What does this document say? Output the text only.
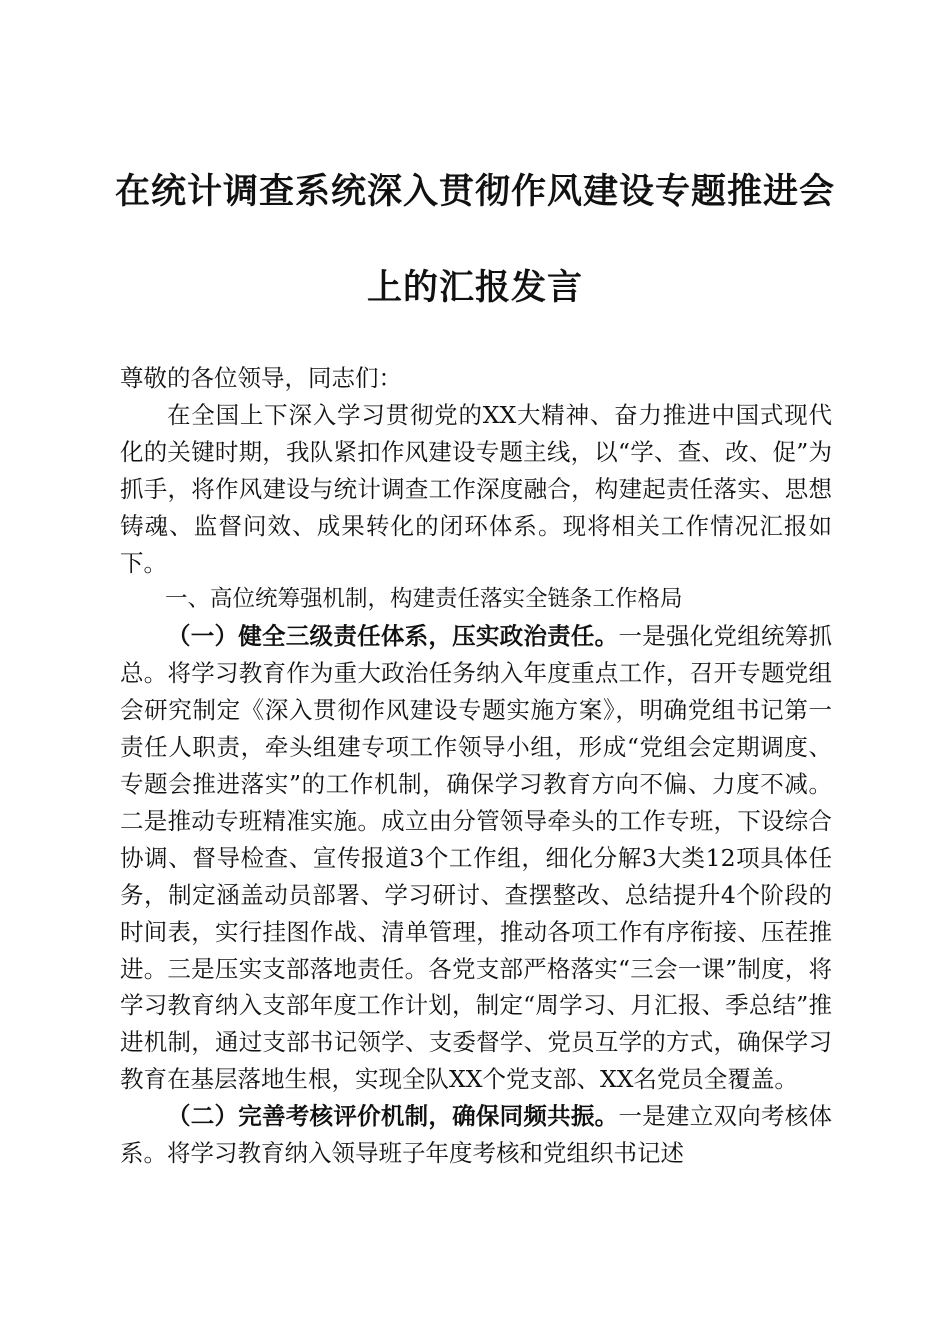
在统计调查系统深入贯彻作风建设专题推进会
上的汇报发言

尊敬的各位领导，同志们：

在全国上下深入学习贯彻党的XX大精神、奋力推进中国式现代化的关键时期，我队紧扣作风建设专题主线，以“学、查、改、促”为抓手，将作风建设与统计调查工作深度融合，构建起责任落实、思想铸魂、监督问效、成果转化的闭环体系。现将相关工作情况汇报如下。

一、高位统筹强机制，构建责任落实全链条工作格局

（一）健全三级责任体系，压实政治责任。一是强化党组统筹抓总。将学习教育作为重大政治任务纳入年度重点工作，召开专题党组会研究制定《深入贯彻作风建设专题实施方案》，明确党组书记第一责任人职责，牵头组建专项工作领导小组，形成“党组会定期调度、专题会推进落实”的工作机制，确保学习教育方向不偏、力度不减。二是推动专班精准实施。成立由分管领导牵头的工作专班，下设综合协调、督导检查、宣传报道3个工作组，细化分解3大类12项具体任务，制定涵盖动员部署、学习研讨、查摆整改、总结提升4个阶段的时间表，实行挂图作战、清单管理，推动各项工作有序衔接、压茬推进。三是压实支部落地责任。各党支部严格落实“三会一课”制度，将学习教育纳入支部年度工作计划，制定“周学习、月汇报、季总结”推进机制，通过支部书记领学、支委督学、党员互学的方式，确保学习教育在基层落地生根，实现全队XX个党支部、XX名党员全覆盖。

（二）完善考核评价机制，确保同频共振。一是建立双向考核体系。将学习教育纳入领导班子年度考核和党组织书记述
